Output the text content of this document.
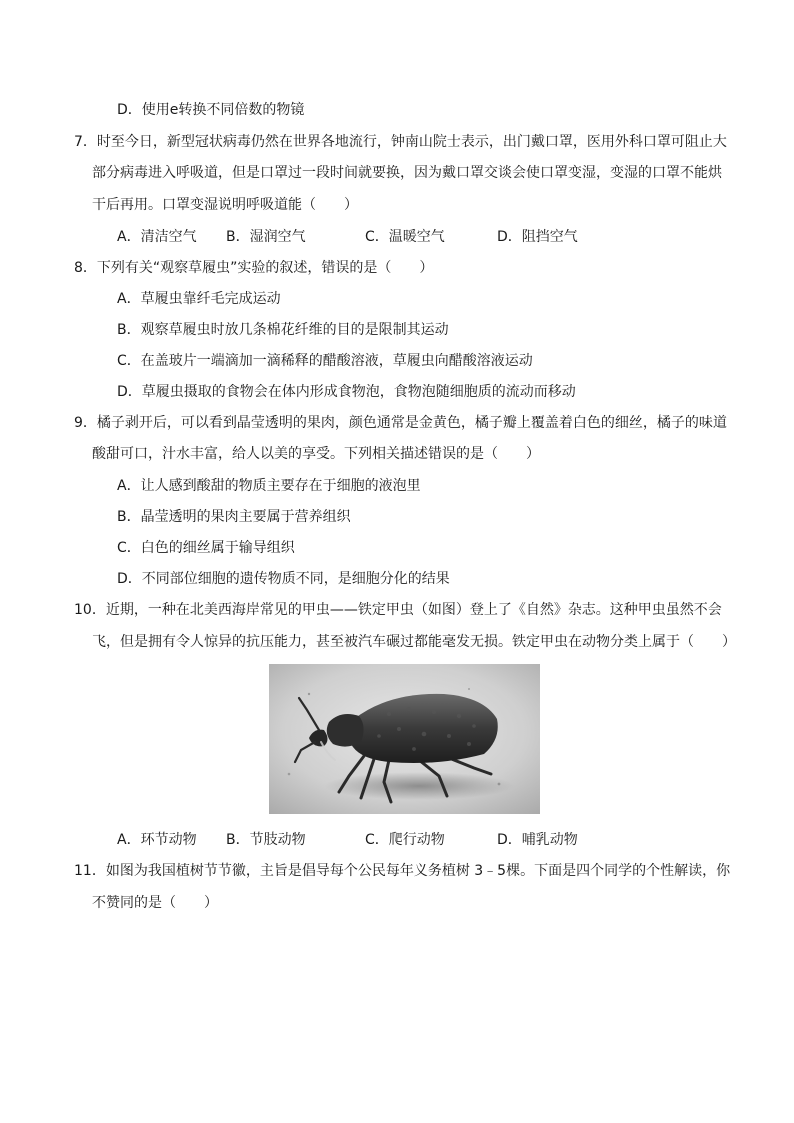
D．使用e转换不同倍数的物镜
7．时至今日，新型冠状病毒仍然在世界各地流行，钟南山院士表示，出门戴口罩，医用外科口罩可阻止大
部分病毒进入呼吸道，但是口罩过一段时间就要换，因为戴口罩交谈会使口罩变湿，变湿的口罩不能烘
干后再用。口罩变湿说明呼吸道能（　　）
A．清洁空气 B．湿润空气	C．温暖空气	D．阻挡空气
8．下列有关“观察草履虫”实验的叙述，错误的是（　　）
A．草履虫靠纤毛完成运动
B．观察草履虫时放几条棉花纤维的目的是限制其运动
C．在盖玻片一端滴加一滴稀释的醋酸溶液，草履虫向醋酸溶液运动
D．草履虫摄取的食物会在体内形成食物泡，食物泡随细胞质的流动而移动
9．橘子剥开后，可以看到晶莹透明的果肉，颜色通常是金黄色，橘子瓣上覆盖着白色的细丝，橘子的味道
酸甜可口，汁水丰富，给人以美的享受。下列相关描述错误的是（　　）
A．让人感到酸甜的物质主要存在于细胞的液泡里
B．晶莹透明的果肉主要属于营养组织
C．白色的细丝属于输导组织
D．不同部位细胞的遗传物质不同，是细胞分化的结果
10．近期，一种在北美西海岸常见的甲虫——铁定甲虫（如图）登上了《自然》杂志。这种甲虫虽然不会
飞，但是拥有令人惊异的抗压能力，甚至被汽车碾过都能毫发无损。铁定甲虫在动物分类上属于（　　）
A．环节动物 B．节肢动物	C．爬行动物	D．哺乳动物
11．如图为我国植树节节徽，主旨是倡导每个公民每年义务植树 3﹣5棵。下面是四个同学的个性解读，你
不赞同的是（　　）
